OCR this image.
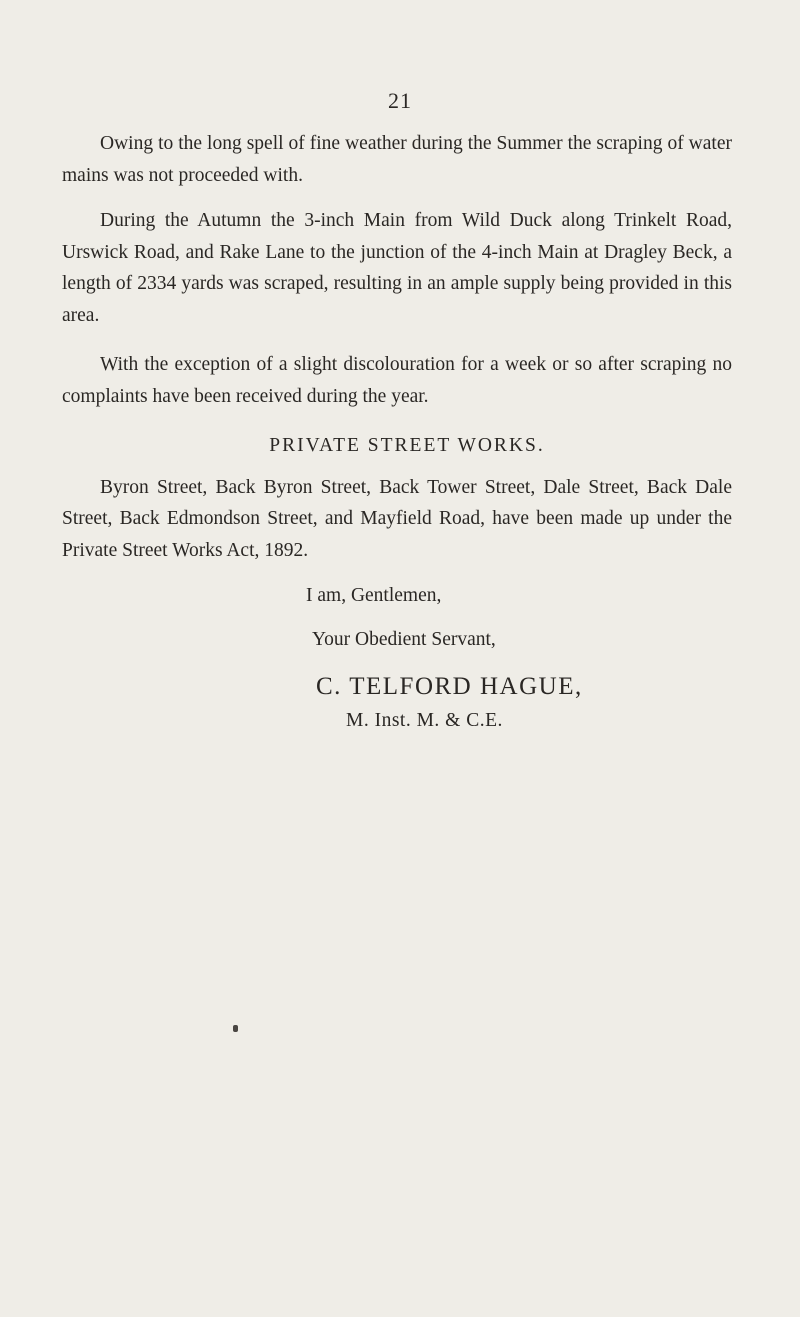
21

Owing to the long spell of fine weather during the Summer the scraping of water mains was not proceeded with.

During the Autumn the 3-inch Main from Wild Duck along Trinkelt Road, Urswick Road, and Rake Lane to the junction of the 4-inch Main at Dragley Beck, a length of 2334 yards was scraped, resulting in an ample supply being provided in this area.

With the exception of a slight discolouration for a week or so after scraping no complaints have been received during the year.

PRIVATE STREET WORKS.

Byron Street, Back Byron Street, Back Tower Street, Dale Street, Back Dale Street, Back Edmondson Street, and Mayfield Road, have been made up under the Private Street Works Act, 1892.

I am, Gentlemen,

Your Obedient Servant,

C. TELFORD HAGUE,

M. Inst. M. & C.E.
